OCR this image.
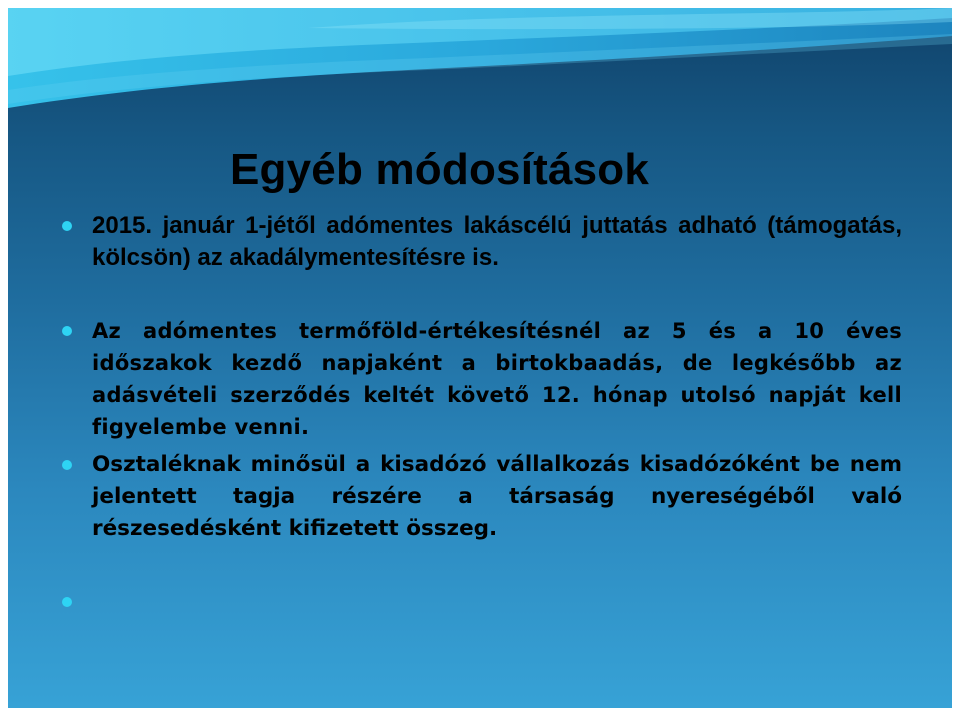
Egyéb módosítások
2015. január 1-jétől adómentes lakáscélú juttatás adható (támogatás, kölcsön) az akadálymentesítésre is.
Az adómentes termőföld-értékesítésnél az 5 és a 10 éves időszakok kezdő napjaként a birtokbaadás, de legkésőbb az adásvételi szerződés keltét követő 12. hónap utolsó napját kell figyelembe venni.
Osztaléknak minősül a kisadózó vállalkozás kisadózóként be nem jelentett tagja részére a társaság nyereségéből való részesedésként kifizetett összeg.
